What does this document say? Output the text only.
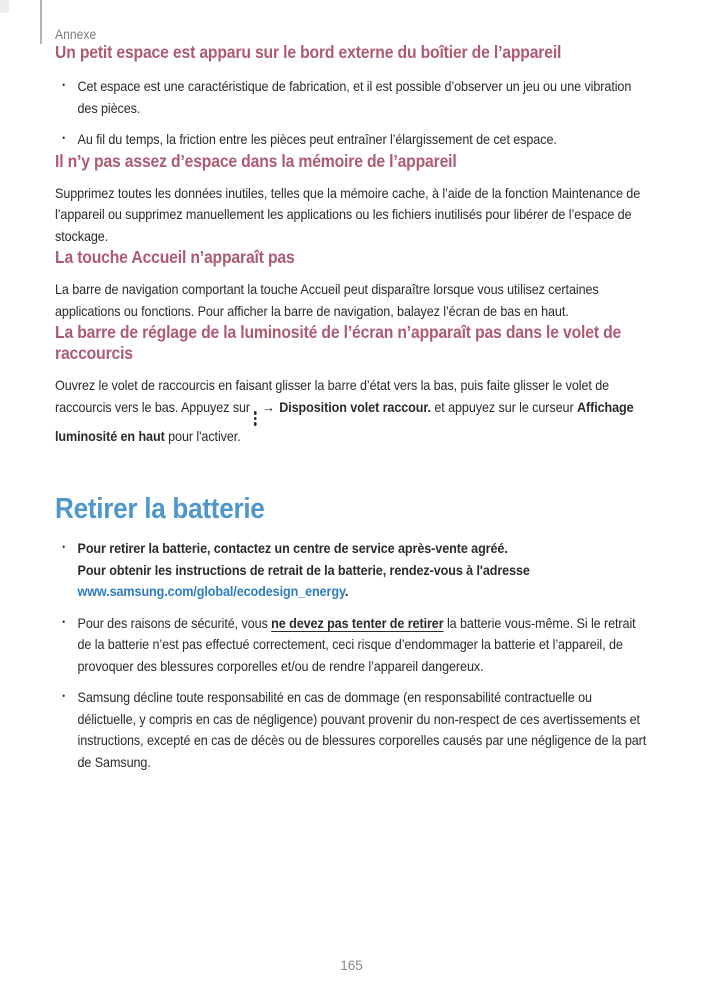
Annexe
Un petit espace est apparu sur le bord externe du boîtier de l’appareil
• Cet espace est une caractéristique de fabrication, et il est possible d’observer un jeu ou une vibration des pièces.
• Au fil du temps, la friction entre les pièces peut entraîner l’élargissement de cet espace.
Il n’y pas assez d’espace dans la mémoire de l’appareil

Supprimez toutes les données inutiles, telles que la mémoire cache, à l’aide de la fonction Maintenance de l’appareil ou supprimez manuellement les applications ou les fichiers inutilisés pour libérer de l’espace de stockage.

La touche Accueil n’apparaît pas

La barre de navigation comportant la touche Accueil peut disparaître lorsque vous utilisez certaines applications ou fonctions. Pour afficher la barre de navigation, balayez l’écran de bas en haut.

La barre de réglage de la luminosité de l’écran n’apparaît pas dans le volet de raccourcis

Ouvrez le volet de raccourcis en faisant glisser la barre d’état vers la bas, puis faite glisser le volet de raccourcis vers le bas. Appuyez sur → Disposition volet raccour. et appuyez sur le curseur Affichage luminosité en haut pour l'activer.

Retirer la batterie
• Pour retirer la batterie, contactez un centre de service après-vente agréé.
Pour obtenir les instructions de retrait de la batterie, rendez-vous à l'adresse
www.samsung.com/global/ecodesign_energy.
• Pour des raisons de sécurité, vous ne devez pas tenter de retirer la batterie vous-même. Si le retrait de la batterie n’est pas effectué correctement, ceci risque d’endommager la batterie et l’appareil, de provoquer des blessures corporelles et/ou de rendre l’appareil dangereux.
• Samsung décline toute responsabilité en cas de dommage (en responsabilité contractuelle ou délictuelle, y compris en cas de négligence) pouvant provenir du non-respect de ces avertissements et instructions, excepté en cas de décès ou de blessures corporelles causés par une négligence de la part de Samsung.
165
